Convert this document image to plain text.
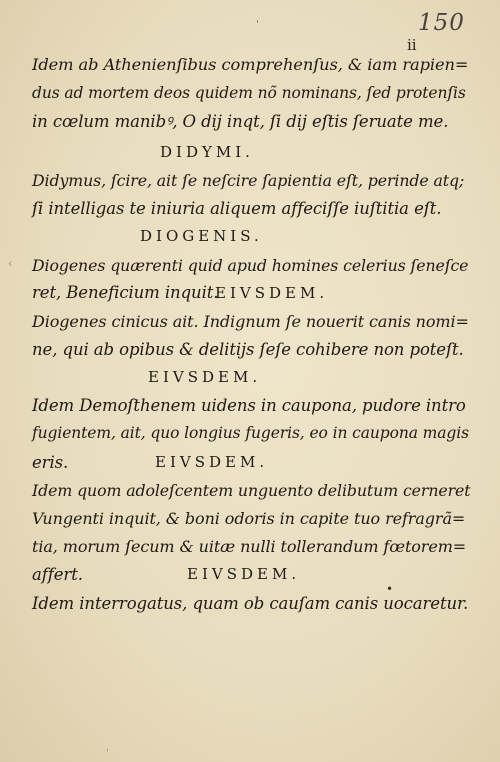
150
ii
'
‹
•
ˌ
Idem ab Athenienſibus comprehenſus, & iam rapien=
dus ad mortem deos quidem nõ nominans, ſed protenſis
in cœlum manibꝰ, O dij inqt, ſi dij eſtis ſeruate me.
DIDYMI.
Didymus, ſcire, ait ſe neſcire ſapientia eſt, perinde atq;
ſi intelligas te iniuria aliquem affeciſſe iuſtitia eſt.
DIOGENIS.
Diogenes quærenti quid apud homines celerius ſeneſce
ret, Beneficium inquit.
EIVSDEM.
Diogenes cinicus ait. Indignum ſe nouerit canis nomi=
ne, qui ab opibus & delitijs ſeſe cohibere non poteſt.
EIVSDEM.
Idem Demoſthenem uidens in caupona, pudore intro
fugientem, ait, quo longius fugeris, eo in caupona magis
eris.	EIVSDEM.
Idem quom adoleſcentem unguento delibutum cerneret
Vungenti inquit, & boni odoris in capite tuo refragrã=
tia, morum ſecum & uitæ nulli tollerandum fœtorem=
affert.	EIVSDEM.
Idem interrogatus, quam ob cauſam canis uocaretur.
